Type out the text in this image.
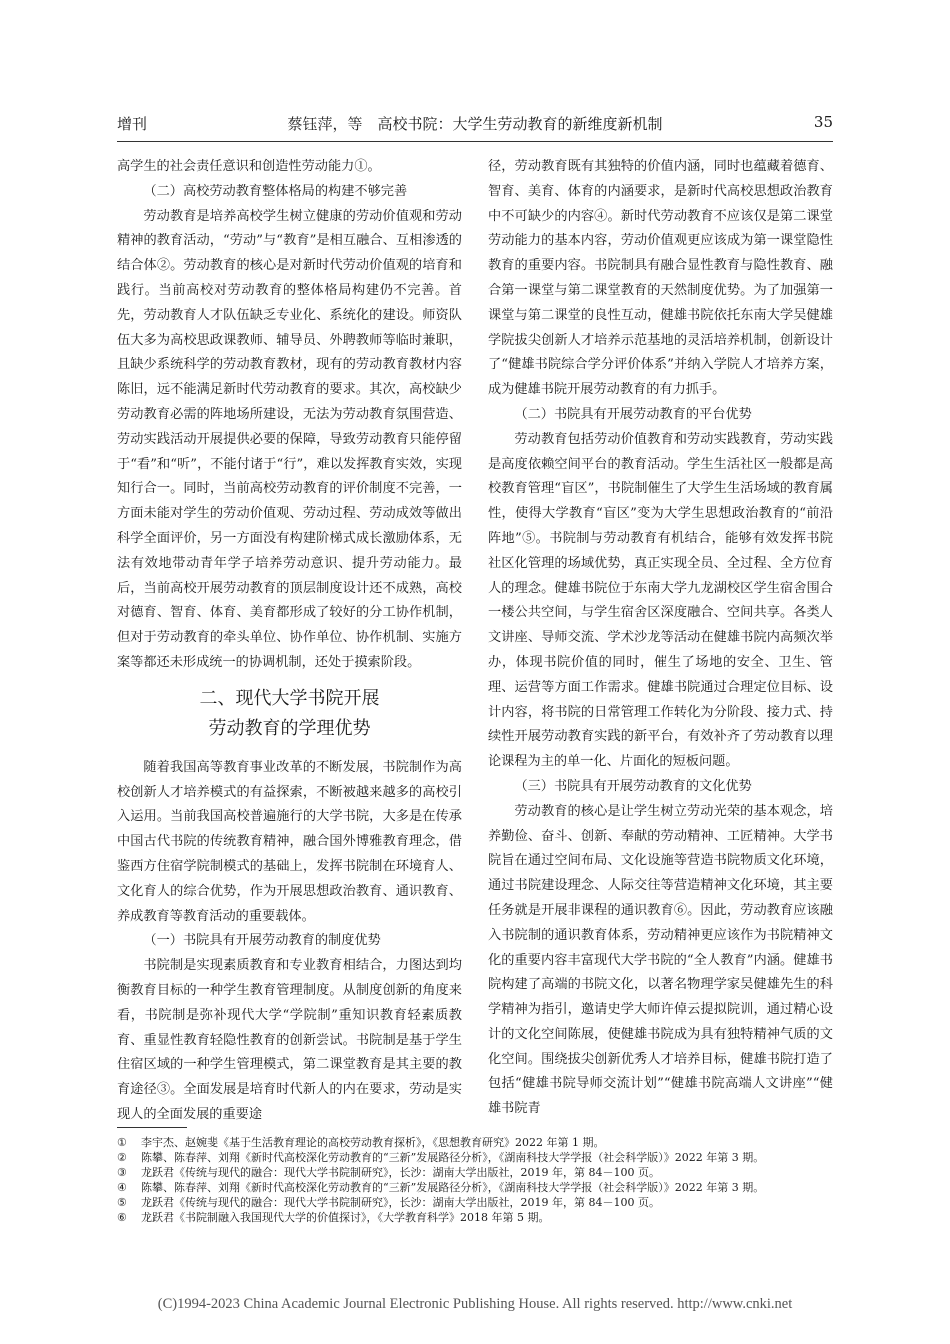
增刊	蔡钰萍，等　高校书院：大学生劳动教育的新维度新机制	35

高学生的社会责任意识和创造性劳动能力①。

（二）高校劳动教育整体格局的构建不够完善

劳动教育是培养高校学生树立健康的劳动价值观和劳动精神的教育活动，“劳动”与“教育”是相互融合、互相渗透的结合体②。劳动教育的核心是对新时代劳动价值观的培育和践行。当前高校对劳动教育的整体格局构建仍不完善。首先，劳动教育人才队伍缺乏专业化、系统化的建设。师资队伍大多为高校思政课教师、辅导员、外聘教师等临时兼职，且缺少系统科学的劳动教育教材，现有的劳动教育教材内容陈旧，远不能满足新时代劳动教育的要求。其次，高校缺少劳动教育必需的阵地场所建设，无法为劳动教育氛围营造、劳动实践活动开展提供必要的保障，导致劳动教育只能停留于“看”和“听”，不能付诸于“行”，难以发挥教育实效，实现知行合一。同时，当前高校劳动教育的评价制度不完善，一方面未能对学生的劳动价值观、劳动过程、劳动成效等做出科学全面评价，另一方面没有构建阶梯式成长激励体系，无法有效地带动青年学子培养劳动意识、提升劳动能力。最后，当前高校开展劳动教育的顶层制度设计还不成熟，高校对德育、智育、体育、美育都形成了较好的分工协作机制，但对于劳动教育的牵头单位、协作单位、协作机制、实施方案等都还未形成统一的协调机制，还处于摸索阶段。

二、现代大学书院开展
劳动教育的学理优势

随着我国高等教育事业改革的不断发展，书院制作为高校创新人才培养模式的有益探索，不断被越来越多的高校引入运用。当前我国高校普遍施行的大学书院，大多是在传承中国古代书院的传统教育精神，融合国外博雅教育理念，借鉴西方住宿学院制模式的基础上，发挥书院制在环境育人、文化育人的综合优势，作为开展思想政治教育、通识教育、养成教育等教育活动的重要载体。

（一）书院具有开展劳动教育的制度优势

书院制是实现素质教育和专业教育相结合，力图达到均衡教育目标的一种学生教育管理制度。从制度创新的角度来看，书院制是弥补现代大学“学院制”重知识教育轻素质教育、重显性教育轻隐性教育的创新尝试。书院制是基于学生住宿区域的一种学生管理模式，第二课堂教育是其主要的教育途径③。全面发展是培育时代新人的内在要求，劳动是实现人的全面发展的重要途

径，劳动教育既有其独特的价值内涵，同时也蕴藏着德育、智育、美育、体育的内涵要求，是新时代高校思想政治教育中不可缺少的内容④。新时代劳动教育不应该仅是第二课堂劳动能力的基本内容，劳动价值观更应该成为第一课堂隐性教育的重要内容。书院制具有融合显性教育与隐性教育、融合第一课堂与第二课堂教育的天然制度优势。为了加强第一课堂与第二课堂的良性互动，健雄书院依托东南大学吴健雄学院拔尖创新人才培养示范基地的灵活培养机制，创新设计了“健雄书院综合学分评价体系”并纳入学院人才培养方案，成为健雄书院开展劳动教育的有力抓手。

（二）书院具有开展劳动教育的平台优势

劳动教育包括劳动价值教育和劳动实践教育，劳动实践是高度依赖空间平台的教育活动。学生生活社区一般都是高校教育管理“盲区”，书院制催生了大学生生活场域的教育属性，使得大学教育“盲区”变为大学生思想政治教育的“前沿阵地”⑤。书院制与劳动教育有机结合，能够有效发挥书院社区化管理的场域优势，真正实现全员、全过程、全方位育人的理念。健雄书院位于东南大学九龙湖校区学生宿舍围合一楼公共空间，与学生宿舍区深度融合、空间共享。各类人文讲座、导师交流、学术沙龙等活动在健雄书院内高频次举办，体现书院价值的同时，催生了场地的安全、卫生、管理、运营等方面工作需求。健雄书院通过合理定位目标、设计内容，将书院的日常管理工作转化为分阶段、接力式、持续性开展劳动教育实践的新平台，有效补齐了劳动教育以理论课程为主的单一化、片面化的短板问题。

（三）书院具有开展劳动教育的文化优势

劳动教育的核心是让学生树立劳动光荣的基本观念，培养勤俭、奋斗、创新、奉献的劳动精神、工匠精神。大学书院旨在通过空间布局、文化设施等营造书院物质文化环境，通过书院建设理念、人际交往等营造精神文化环境，其主要任务就是开展非课程的通识教育⑥。因此，劳动教育应该融入书院制的通识教育体系，劳动精神更应该作为书院精神文化的重要内容丰富现代大学书院的“全人教育”内涵。健雄书院构建了高端的书院文化，以著名物理学家吴健雄先生的科学精神为指引，邀请史学大师许倬云提拟院训，通过精心设计的文化空间陈展，使健雄书院成为具有独特精神气质的文化空间。围绕拔尖创新优秀人才培养目标，健雄书院打造了包括“健雄书院导师交流计划”“健雄书院高端人文讲座”“健雄书院青

①	李宇杰、赵婉斐《基于生活教育理论的高校劳动教育探析》，《思想教育研究》2022 年第 1 期。
②	陈攀、陈春萍、刘翔《新时代高校深化劳动教育的“三新”发展路径分析》，《湖南科技大学学报（社会科学版）》2022 年第 3 期。
③	龙跃君《传统与现代的融合：现代大学书院制研究》，长沙：湖南大学出版社，2019 年，第 84－100 页。
④	陈攀、陈春萍、刘翔《新时代高校深化劳动教育的“三新”发展路径分析》，《湖南科技大学学报（社会科学版）》2022 年第 3 期。
⑤	龙跃君《传统与现代的融合：现代大学书院制研究》，长沙：湖南大学出版社，2019 年，第 84－100 页。
⑥	龙跃君《书院制融入我国现代大学的价值探讨》，《大学教育科学》2018 年第 5 期。
(C)1994-2023 China Academic Journal Electronic Publishing House. All rights reserved. http://www.cnki.net
